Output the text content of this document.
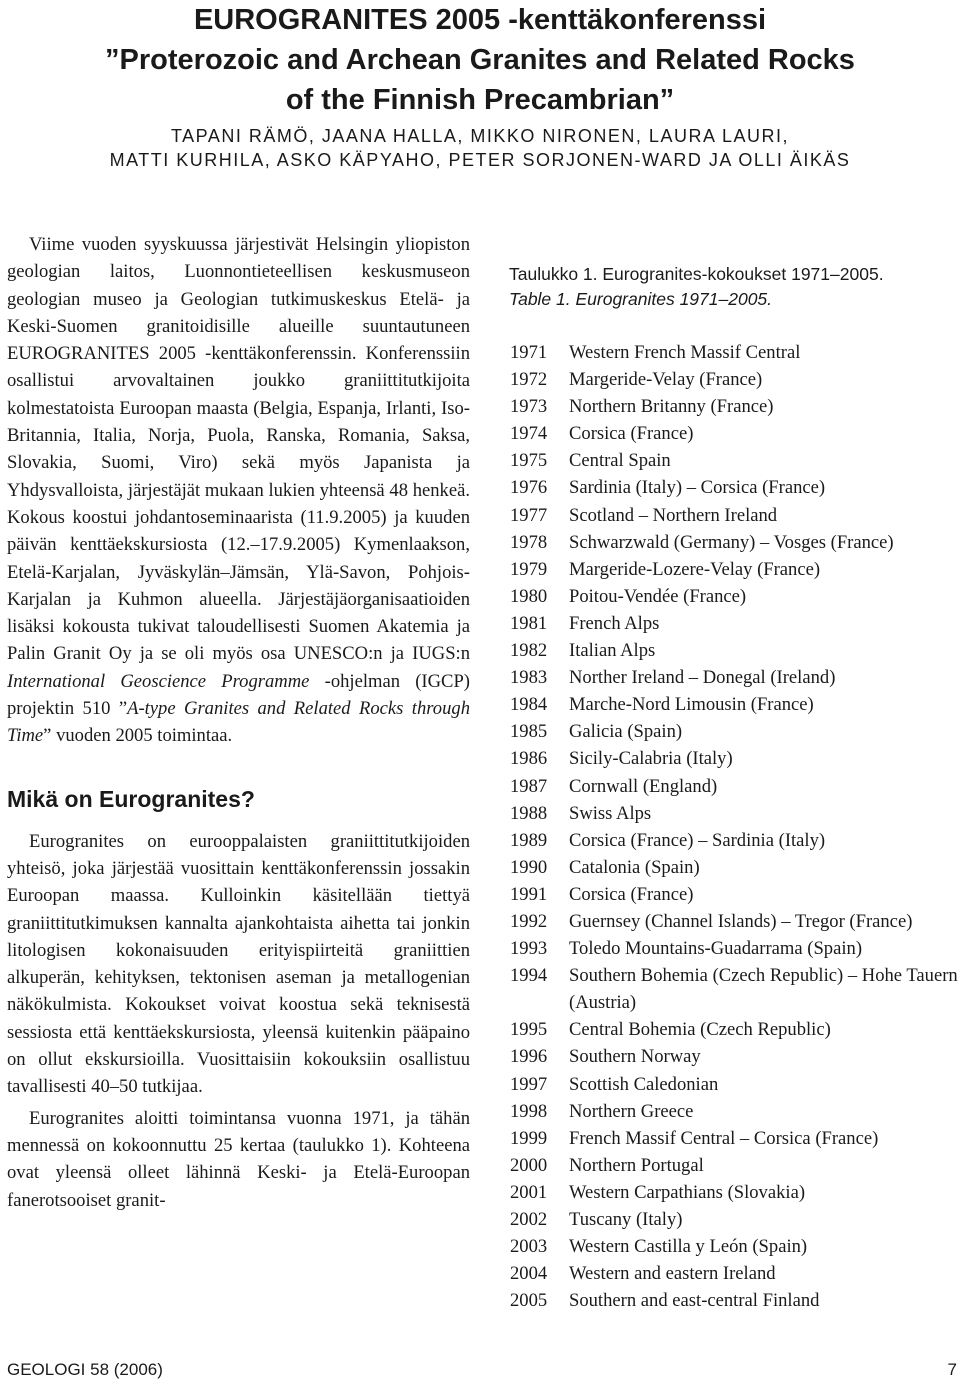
EUROGRANITES 2005 -kenttäkonferenssi
”Proterozoic and Archean Granites and Related Rocks
of the Finnish Precambrian”
TAPANI RÄMÖ, JAANA HALLA, MIKKO NIRONEN, LAURA LAURI,
MATTI KURHILA, ASKO KÄPYAHO, PETER SORJONEN-WARD JA OLLI ÄIKÄS

Viime vuoden syyskuussa järjestivät Helsingin yliopiston geologian laitos, Luonnontieteellisen keskusmuseon geologian museo ja Geologian tutkimuskeskus Etelä- ja Keski-Suomen granitoidisille alueille suuntautuneen EUROGRANITES 2005 -kenttäkonferenssin. Konferenssiin osallistui arvovaltainen joukko graniittitutkijoita kolmestatoista Euroopan maasta (Belgia, Espanja, Irlanti, Iso-Britannia, Italia, Norja, Puola, Ranska, Romania, Saksa, Slovakia, Suomi, Viro) sekä myös Japanista ja Yhdysvalloista, järjestäjät mukaan lukien yhteensä 48 henkeä. Kokous koostui johdantoseminaarista (11.9.2005) ja kuuden päivän kenttäekskursiosta (12.–17.9.2005) Kymenlaakson, Etelä-Karjalan, Jyväskylän–Jämsän, Ylä-Savon, Pohjois-Karjalan ja Kuhmon alueella. Järjestäjäorganisaatioiden lisäksi kokousta tukivat taloudellisesti Suomen Akatemia ja Palin Granit Oy ja se oli myös osa UNESCO:n ja IUGS:n International Geoscience Programme -ohjelman (IGCP) projektin 510 ”A-type Granites and Related Rocks through Time” vuoden 2005 toimintaa.

Mikä on Eurogranites?

Eurogranites on eurooppalaisten graniittitutkijoiden yhteisö, joka järjestää vuosittain kenttäkonferenssin jossakin Euroopan maassa. Kulloinkin käsitellään tiettyä graniittitutkimuksen kannalta ajankohtaista aihetta tai jonkin litologisen kokonaisuuden erityispiirteitä graniittien alkuperän, kehityksen, tektonisen aseman ja metallogenian näkökulmista. Kokoukset voivat koostua sekä teknisestä sessiosta että kenttäekskursiosta, yleensä kuitenkin pääpaino on ollut ekskursioilla. Vuosittaisiin kokouksiin osallistuu tavallisesti 40–50 tutkijaa.

Eurogranites aloitti toimintansa vuonna 1971, ja tähän mennessä on kokoonnuttu 25 kertaa (taulukko 1). Kohteena ovat yleensä olleet lähinnä Keski- ja Etelä-Euroopan fanerotsooiset granit-

Taulukko 1. Eurogranites-kokoukset 1971–2005.
Table 1. Eurogranites 1971–2005.
1971	Western French Massif Central
1972	Margeride-Velay (France)
1973	Northern Britanny (France)
1974	Corsica (France)
1975	Central Spain
1976	Sardinia (Italy) – Corsica (France)
1977	Scotland – Northern Ireland
1978	Schwarzwald (Germany) – Vosges (France)
1979	Margeride-Lozere-Velay (France)
1980	Poitou-Vendée (France)
1981	French Alps
1982	Italian Alps
1983	Norther Ireland – Donegal (Ireland)
1984	Marche-Nord Limousin (France)
1985	Galicia (Spain)
1986	Sicily-Calabria (Italy)
1987	Cornwall (England)
1988	Swiss Alps
1989	Corsica (France) – Sardinia (Italy)
1990	Catalonia (Spain)
1991	Corsica (France)
1992	Guernsey (Channel Islands) – Tregor (France)
1993	Toledo Mountains-Guadarrama (Spain)
1994	Southern Bohemia (Czech Republic) – Hohe Tauern (Austria)
1995	Central Bohemia (Czech Republic)
1996	Southern Norway
1997	Scottish Caledonian
1998	Northern Greece
1999	French Massif Central – Corsica (France)
2000	Northern Portugal
2001	Western Carpathians (Slovakia)
2002	Tuscany (Italy)
2003	Western Castilla y León (Spain)
2004	Western and eastern Ireland
2005	Southern and east-central Finland
GEOLOGI 58 (2006)	7
